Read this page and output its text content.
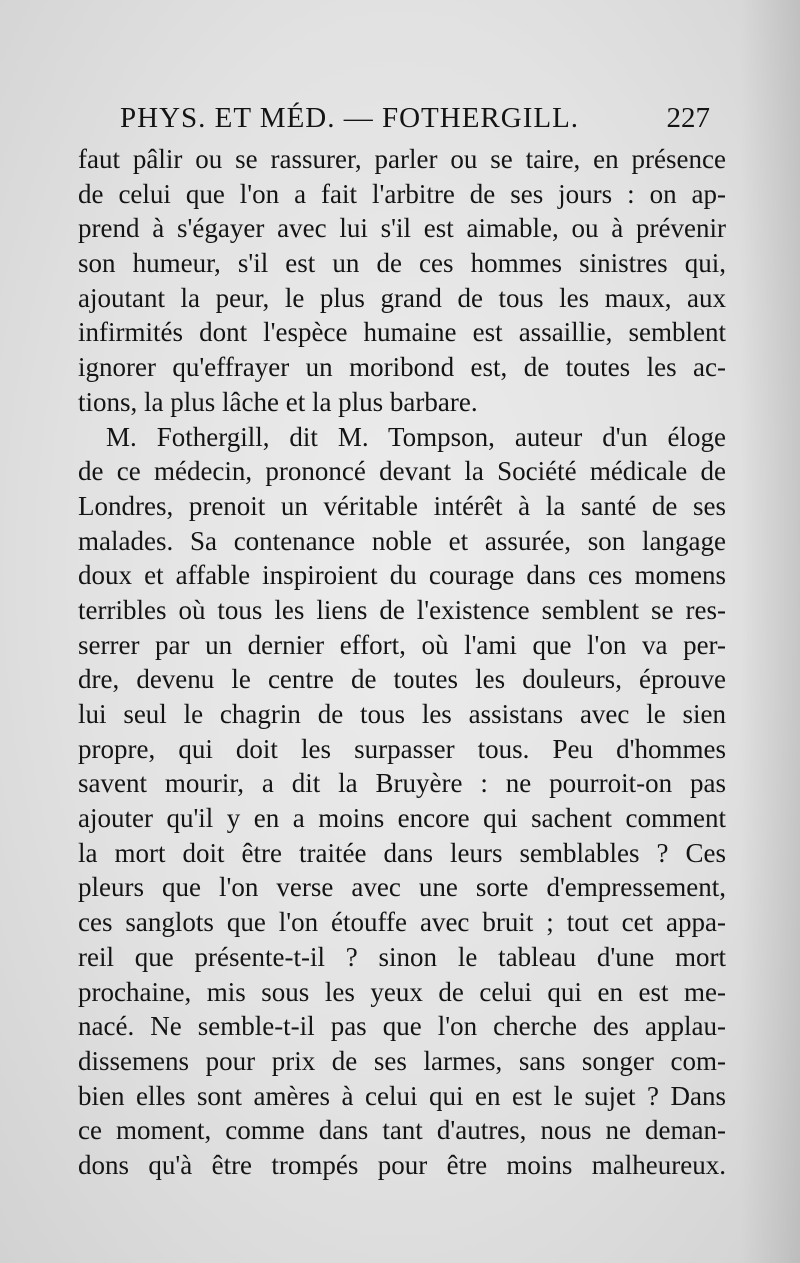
PHYS. ET MÉD. — FOTHERGILL.	227
faut pâlir ou se rassurer, parler ou se taire, en présence
de celui que l'on a fait l'arbitre de ses jours : on ap-
prend à s'égayer avec lui s'il est aimable, ou à prévenir
son humeur, s'il est un de ces hommes sinistres qui,
ajoutant la peur, le plus grand de tous les maux, aux
infirmités dont l'espèce humaine est assaillie, semblent
ignorer qu'effrayer un moribond est, de toutes les ac-
tions, la plus lâche et la plus barbare.
M. Fothergill, dit M. Tompson, auteur d'un éloge
de ce médecin, prononcé devant la Société médicale de
Londres, prenoit un véritable intérêt à la santé de ses
malades. Sa contenance noble et assurée, son langage
doux et affable inspiroient du courage dans ces momens
terribles où tous les liens de l'existence semblent se res-
serrer par un dernier effort, où l'ami que l'on va per-
dre, devenu le centre de toutes les douleurs, éprouve
lui seul le chagrin de tous les assistans avec le sien
propre, qui doit les surpasser tous. Peu d'hommes
savent mourir, a dit la Bruyère : ne pourroit-on pas
ajouter qu'il y en a moins encore qui sachent comment
la mort doit être traitée dans leurs semblables ? Ces
pleurs que l'on verse avec une sorte d'empressement,
ces sanglots que l'on étouffe avec bruit ; tout cet appa-
reil que présente-t-il ? sinon le tableau d'une mort
prochaine, mis sous les yeux de celui qui en est me-
nacé. Ne semble-t-il pas que l'on cherche des applau-
dissemens pour prix de ses larmes, sans songer com-
bien elles sont amères à celui qui en est le sujet ? Dans
ce moment, comme dans tant d'autres, nous ne deman-
dons qu'à être trompés pour être moins malheureux.
